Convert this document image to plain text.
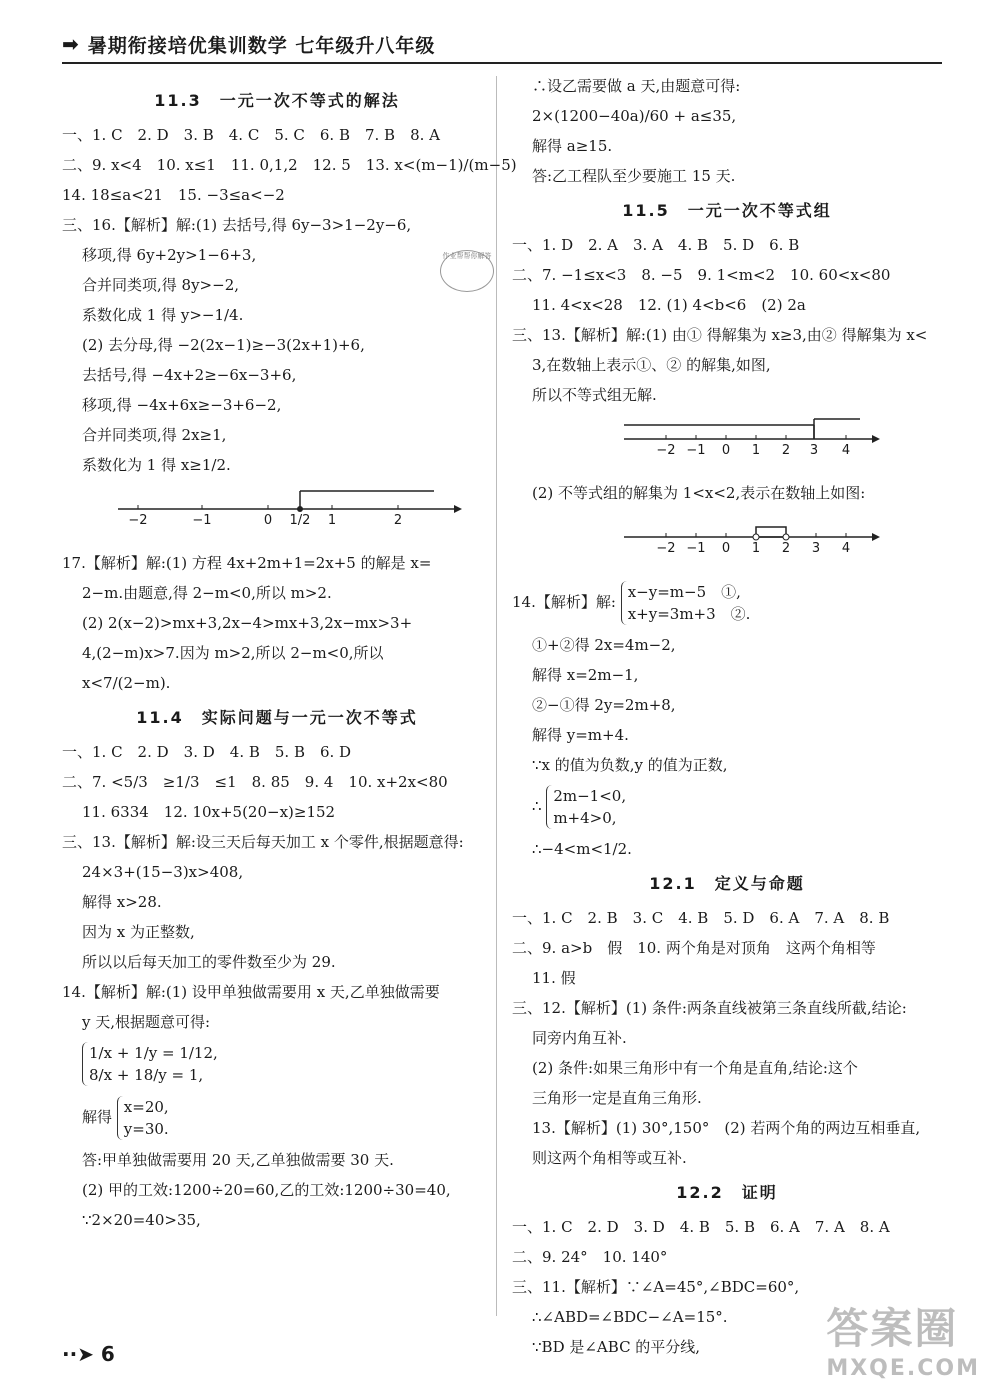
➡ 暑期衔接培优集训数学 七年级升八年级
作业帮帮你解答
11.3　一元一次不等式的解法
一、1. C　2. D　3. B　4. C　5. C　6. B　7. B　8. A
二、9. x<4　10. x≤1　11. 0,1,2　12. 5　13. x<(m−1)/(m−5)
14. 18≤a<21　15. −3≤a<−2
三、16.【解析】解:(1) 去括号,得 6y−3>1−2y−6,
移项,得 6y+2y>1−6+3,
合并同类项,得 8y>−2,
系数化成 1 得 y>−1/4.
(2) 去分母,得 −2(2x−1)≥−3(2x+1)+6,
去括号,得 −4x+2≥−6x−3+6,
移项,得 −4x+6x≥−3+6−2,
合并同类项,得 2x≥1,
系数化为 1 得 x≥1/2.
−2	−1	0	1/2	1	2
17.【解析】解:(1) 方程 4x+2m+1=2x+5 的解是 x=
2−m.由题意,得 2−m<0,所以 m>2.
(2) 2(x−2)>mx+3,2x−4>mx+3,2x−mx>3+
4,(2−m)x>7.因为 m>2,所以 2−m<0,所以
x<7/(2−m).
11.4　实际问题与一元一次不等式
一、1. C　2. D　3. D　4. B　5. B　6. D
二、7. <5/3　≥1/3　≤1　8. 85　9. 4　10. x+2x<80
11. 6334　12. 10x+5(20−x)≥152
三、13.【解析】解:设三天后每天加工 x 个零件,根据题意得:
24×3+(15−3)x>408,
解得 x>28.
因为 x 为正整数,
所以以后每天加工的零件数至少为 29.
14.【解析】解:(1) 设甲单独做需要用 x 天,乙单独做需要
y 天,根据题意可得:
1/x + 1/y = 1/12,
8/x + 18/y = 1,
解得
x=20,
y=30.
答:甲单独做需要用 20 天,乙单独做需要 30 天.
(2) 甲的工效:1200÷20=60,乙的工效:1200÷30=40,
∵2×20=40>35,
∴设乙需要做 a 天,由题意可得:
2×(1200−40a)/60 + a≤35,
解得 a≥15.
答:乙工程队至少要施工 15 天.
11.5　一元一次不等式组
一、1. D　2. A　3. A　4. B　5. D　6. B
二、7. −1≤x<3　8. −5　9. 1<m<2　10. 60<x<80
11. 4<x<28　12. (1) 4<b<6　(2) 2a
三、13.【解析】解:(1) 由① 得解集为 x≥3,由② 得解集为 x<
3,在数轴上表示①、② 的解集,如图,
所以不等式组无解.
−2 −1	0	1	2	3	4
(2) 不等式组的解集为 1<x<2,表示在数轴上如图:
−2 −1	0	1	2	3	4
14.【解析】解:
x−y=m−5　①,
x+y=3m+3　②.
①+②得 2x=4m−2,
解得 x=2m−1,
②−①得 2y=2m+8,
解得 y=m+4.
∵x 的值为负数,y 的值为正数,
∴
2m−1<0,
m+4>0,
∴−4<m<1/2.
12.1　定义与命题
一、1. C　2. B　3. C　4. B　5. D　6. A　7. A　8. B
二、9. a>b　假　10. 两个角是对顶角　这两个角相等
11. 假
三、12.【解析】(1) 条件:两条直线被第三条直线所截,结论:
同旁内角互补.
(2) 条件:如果三角形中有一个角是直角,结论:这个
三角形一定是直角三角形.
13.【解析】(1) 30°,150°　(2) 若两个角的两边互相垂直,
则这两个角相等或互补.
12.2　证明
一、1. C　2. D　3. D　4. B　5. B　6. A　7. A　8. A
二、9. 24°　10. 140°
三、11.【解析】∵∠A=45°,∠BDC=60°,
∴∠ABD=∠BDC−∠A=15°.
∵BD 是∠ABC 的平分线,
··➤ 6
答案圈
MXQE.COM
